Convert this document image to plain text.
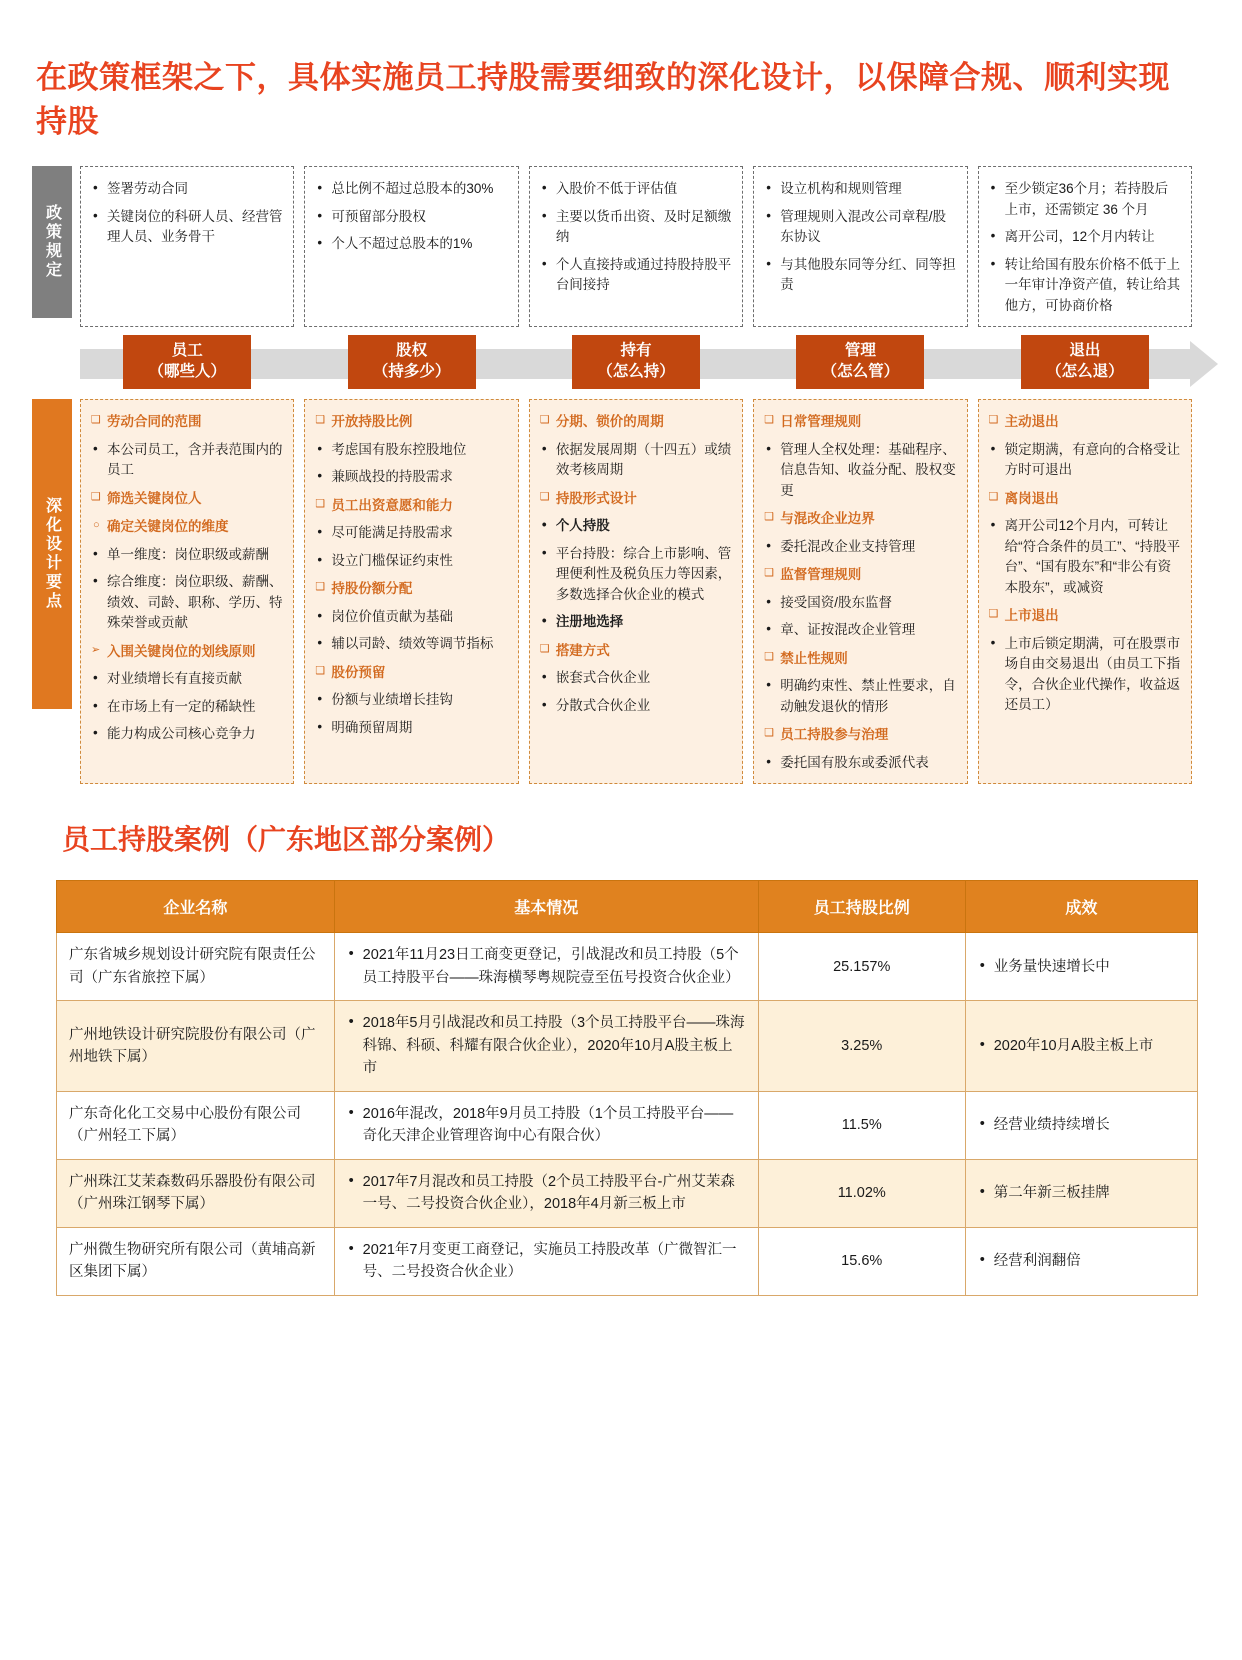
在政策框架之下，具体实施员工持股需要细致的深化设计，以保障合规、顺利实现持股
政策规定
• 签署劳动合同
• 关键岗位的科研人员、经营管理人员、业务骨干
• 总比例不超过总股本的30%
• 可预留部分股权
• 个人不超过总股本的1%
• 入股价不低于评估值
• 主要以货币出资、及时足额缴纳
• 个人直接持或通过持股持股平台间接持
• 设立机构和规则管理
• 管理规则入混改公司章程/股东协议
• 与其他股东同等分红、同等担责
• 至少锁定36个月；若持股后上市，还需锁定 36 个月
• 离开公司，12个月内转让
• 转让给国有股东价格不低于上一年审计净资产值，转让给其他方，可协商价格
员工
（哪些人）
股权
（持多少）
持有
（怎么持）
管理
（怎么管）
退出
（怎么退）
深化设计要点
❑ 劳动合同的范围
• 本公司员工，含并表范围内的员工
❑ 筛选关键岗位人
○ 确定关键岗位的维度
• 单一维度：岗位职级或薪酬
• 综合维度：岗位职级、薪酬、绩效、司龄、职称、学历、特殊荣誉或贡献
➢ 入围关键岗位的划线原则
• 对业绩增长有直接贡献
• 在市场上有一定的稀缺性
• 能力构成公司核心竞争力
❑ 开放持股比例
• 考虑国有股东控股地位
• 兼顾战投的持股需求
❑ 员工出资意愿和能力
• 尽可能满足持股需求
• 设立门槛保证约束性
❑ 持股份额分配
• 岗位价值贡献为基础
• 辅以司龄、绩效等调节指标
❑ 股份预留
• 份额与业绩增长挂钩
• 明确预留周期
❑ 分期、锁价的周期
• 依据发展周期（十四五）或绩效考核周期
❑ 持股形式设计
• 个人持股
• 平台持股：综合上市影响、管理便利性及税负压力等因素，多数选择合伙企业的模式
• 注册地选择
❑ 搭建方式
• 嵌套式合伙企业
• 分散式合伙企业
❑ 日常管理规则
• 管理人全权处理：基础程序、信息告知、收益分配、股权变更
❑ 与混改企业边界
• 委托混改企业支持管理
❑ 监督管理规则
• 接受国资/股东监督
• 章、证按混改企业管理
❑ 禁止性规则
• 明确约束性、禁止性要求，自动触发退伙的情形
❑ 员工持股参与治理
• 委托国有股东或委派代表
❑ 主动退出
• 锁定期满，有意向的合格受让方时可退出
❑ 离岗退出
• 离开公司12个月内，可转让给“符合条件的员工”、“持股平台”、“国有股东”和“非公有资本股东”，或减资
❑ 上市退出
• 上市后锁定期满，可在股票市场自由交易退出（由员工下指令，合伙企业代操作，收益返还员工）
员工持股案例（广东地区部分案例）
企业名称	基本情况	员工持股比例	成效
广东省城乡规划设计研究院有限责任公司（广东省旅控下属）	• 2021年11月23日工商变更登记，引战混改和员工持股（5个员工持股平台——珠海横琴粤规院壹至伍号投资合伙企业）	25.157%	• 业务量快速增长中

广州地铁设计研究院股份有限公司（广州地铁下属）	• 2018年5月引战混改和员工持股（3个员工持股平台——珠海科锦、科硕、科耀有限合伙企业），2020年10月A股主板上市	3.25%	• 2020年10月A股主板上市

广东奇化化工交易中心股份有限公司（广州轻工下属）	• 2016年混改，2018年9月员工持股（1个员工持股平台——奇化天津企业管理咨询中心有限合伙）	11.5%	• 经营业绩持续增长

广州珠江艾茉森数码乐器股份有限公司（广州珠江钢琴下属）	• 2017年7月混改和员工持股（2个员工持股平台-广州艾茉森一号、二号投资合伙企业），2018年4月新三板上市	11.02%	• 第二年新三板挂牌

广州微生物研究所有限公司（黄埔高新区集团下属）	• 2021年7月变更工商登记，实施员工持股改革（广微智汇一号、二号投资合伙企业）	15.6%	• 经营利润翻倍
